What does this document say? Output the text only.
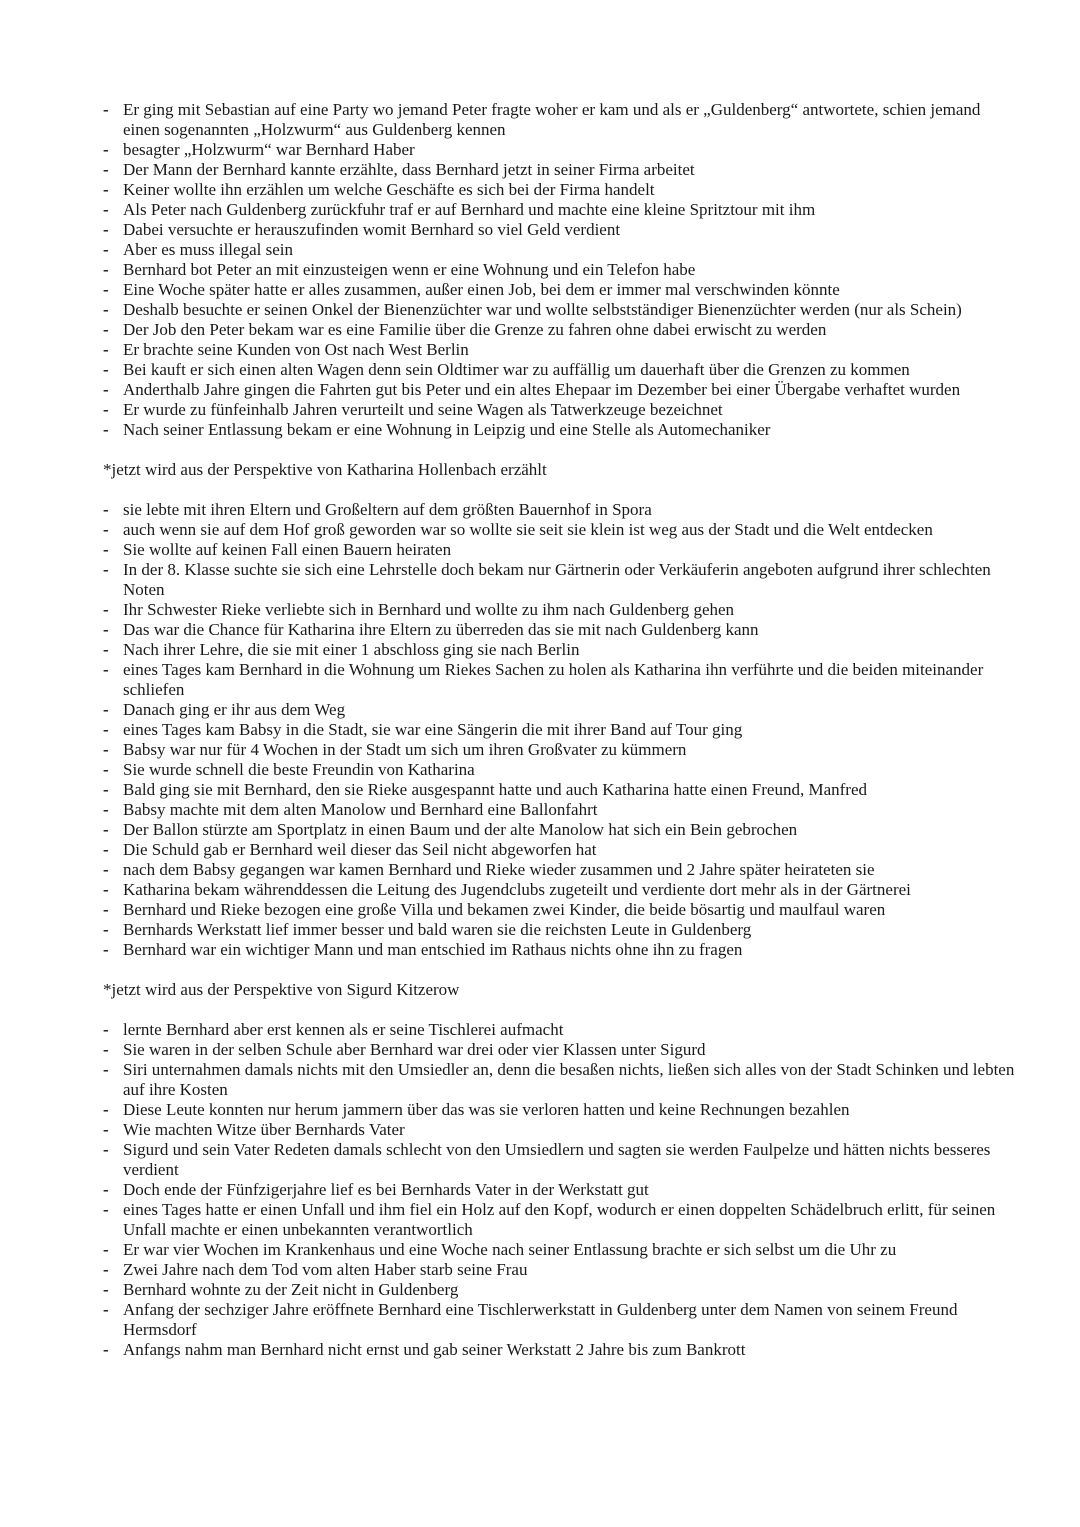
- Er ging mit Sebastian auf eine Party wo jemand Peter fragte woher er kam und als er „Guldenberg“ antwortete, schien jemand einen sogenannten „Holzwurm“ aus Guldenberg kennen
- besagter „Holzwurm“ war Bernhard Haber
- Der Mann der Bernhard kannte erzählte, dass Bernhard jetzt in seiner Firma arbeitet
- Keiner wollte ihn erzählen um welche Geschäfte es sich bei der Firma handelt
- Als Peter nach Guldenberg zurückfuhr traf er auf Bernhard und machte eine kleine Spritztour mit ihm
- Dabei versuchte er herauszufinden womit Bernhard so viel Geld verdient
- Aber es muss illegal sein
- Bernhard bot Peter an mit einzusteigen wenn er eine Wohnung und ein Telefon habe
- Eine Woche später hatte er alles zusammen, außer einen Job, bei dem er immer mal verschwinden könnte
- Deshalb besuchte er seinen Onkel der Bienenzüchter war und wollte selbstständiger Bienenzüchter werden (nur als Schein)
- Der Job den Peter bekam war es eine Familie über die Grenze zu fahren ohne dabei erwischt zu werden
- Er brachte seine Kunden von Ost nach West Berlin
- Bei kauft er sich einen alten Wagen denn sein Oldtimer war zu auffällig um dauerhaft über die Grenzen zu kommen
- Anderthalb Jahre gingen die Fahrten gut bis Peter und ein altes Ehepaar im Dezember bei einer Übergabe verhaftet wurden
- Er wurde zu fünfeinhalb Jahren verurteilt und seine Wagen als Tatwerkzeuge bezeichnet
- Nach seiner Entlassung bekam er eine Wohnung in Leipzig und eine Stelle als Automechaniker
*jetzt wird aus der Perspektive von Katharina Hollenbach erzählt
- sie lebte mit ihren Eltern und Großeltern auf dem größten Bauernhof in Spora
- auch wenn sie auf dem Hof groß geworden war so wollte sie seit sie klein ist weg aus der Stadt und die Welt entdecken
- Sie wollte auf keinen Fall einen Bauern heiraten
- In der 8. Klasse suchte sie sich eine Lehrstelle doch bekam nur Gärtnerin oder Verkäuferin angeboten aufgrund ihrer schlechten Noten
- Ihr Schwester Rieke verliebte sich in Bernhard und wollte zu ihm nach Guldenberg gehen
- Das war die Chance für Katharina ihre Eltern zu überreden das sie mit nach Guldenberg kann
- Nach ihrer Lehre, die sie mit einer 1 abschloss ging sie nach Berlin
- eines Tages kam Bernhard in die Wohnung um Riekes Sachen zu holen als Katharina ihn verführte und die beiden miteinander schliefen
- Danach ging er ihr aus dem Weg
- eines Tages kam Babsy in die Stadt, sie war eine Sängerin die mit ihrer Band auf Tour ging
- Babsy war nur für 4 Wochen in der Stadt um sich um ihren Großvater zu kümmern
- Sie wurde schnell die beste Freundin von Katharina
- Bald ging sie mit Bernhard, den sie Rieke ausgespannt hatte und auch Katharina hatte einen Freund, Manfred
- Babsy machte mit dem alten Manolow und Bernhard eine Ballonfahrt
- Der Ballon stürzte am Sportplatz in einen Baum und der alte Manolow hat sich ein Bein gebrochen
- Die Schuld gab er Bernhard weil dieser das Seil nicht abgeworfen hat
- nach dem Babsy gegangen war kamen Bernhard und Rieke wieder zusammen und 2 Jahre später heirateten sie
- Katharina bekam währenddessen die Leitung des Jugendclubs zugeteilt und verdiente dort mehr als in der Gärtnerei
- Bernhard und Rieke bezogen eine große Villa und bekamen zwei Kinder, die beide bösartig und maulfaul waren
- Bernhards Werkstatt lief immer besser und bald waren sie die reichsten Leute in Guldenberg
- Bernhard war ein wichtiger Mann und man entschied im Rathaus nichts ohne ihn zu fragen
*jetzt wird aus der Perspektive von Sigurd Kitzerow
- lernte Bernhard aber erst kennen als er seine Tischlerei aufmacht
- Sie waren in der selben Schule aber Bernhard war drei oder vier Klassen unter Sigurd
- Siri unternahmen damals nichts mit den Umsiedler an, denn die besaßen nichts, ließen sich alles von der Stadt Schinken und lebten auf ihre Kosten
- Diese Leute konnten nur herum jammern über das was sie verloren hatten und keine Rechnungen bezahlen
- Wie machten Witze über Bernhards Vater
- Sigurd und sein Vater Redeten damals schlecht von den Umsiedlern und sagten sie werden Faulpelze und hätten nichts besseres verdient
- Doch ende der Fünfzigerjahre lief es bei Bernhards Vater in der Werkstatt gut
- eines Tages hatte er einen Unfall und ihm fiel ein Holz auf den Kopf, wodurch er einen doppelten Schädelbruch erlitt, für seinen Unfall machte er einen unbekannten verantwortlich
- Er war vier Wochen im Krankenhaus und eine Woche nach seiner Entlassung brachte er sich selbst um die Uhr zu
- Zwei Jahre nach dem Tod vom alten Haber starb seine Frau
- Bernhard wohnte zu der Zeit nicht in Guldenberg
- Anfang der sechziger Jahre eröffnete Bernhard eine Tischlerwerkstatt in Guldenberg unter dem Namen von seinem Freund Hermsdorf
- Anfangs nahm man Bernhard nicht ernst und gab seiner Werkstatt 2 Jahre bis zum Bankrott
